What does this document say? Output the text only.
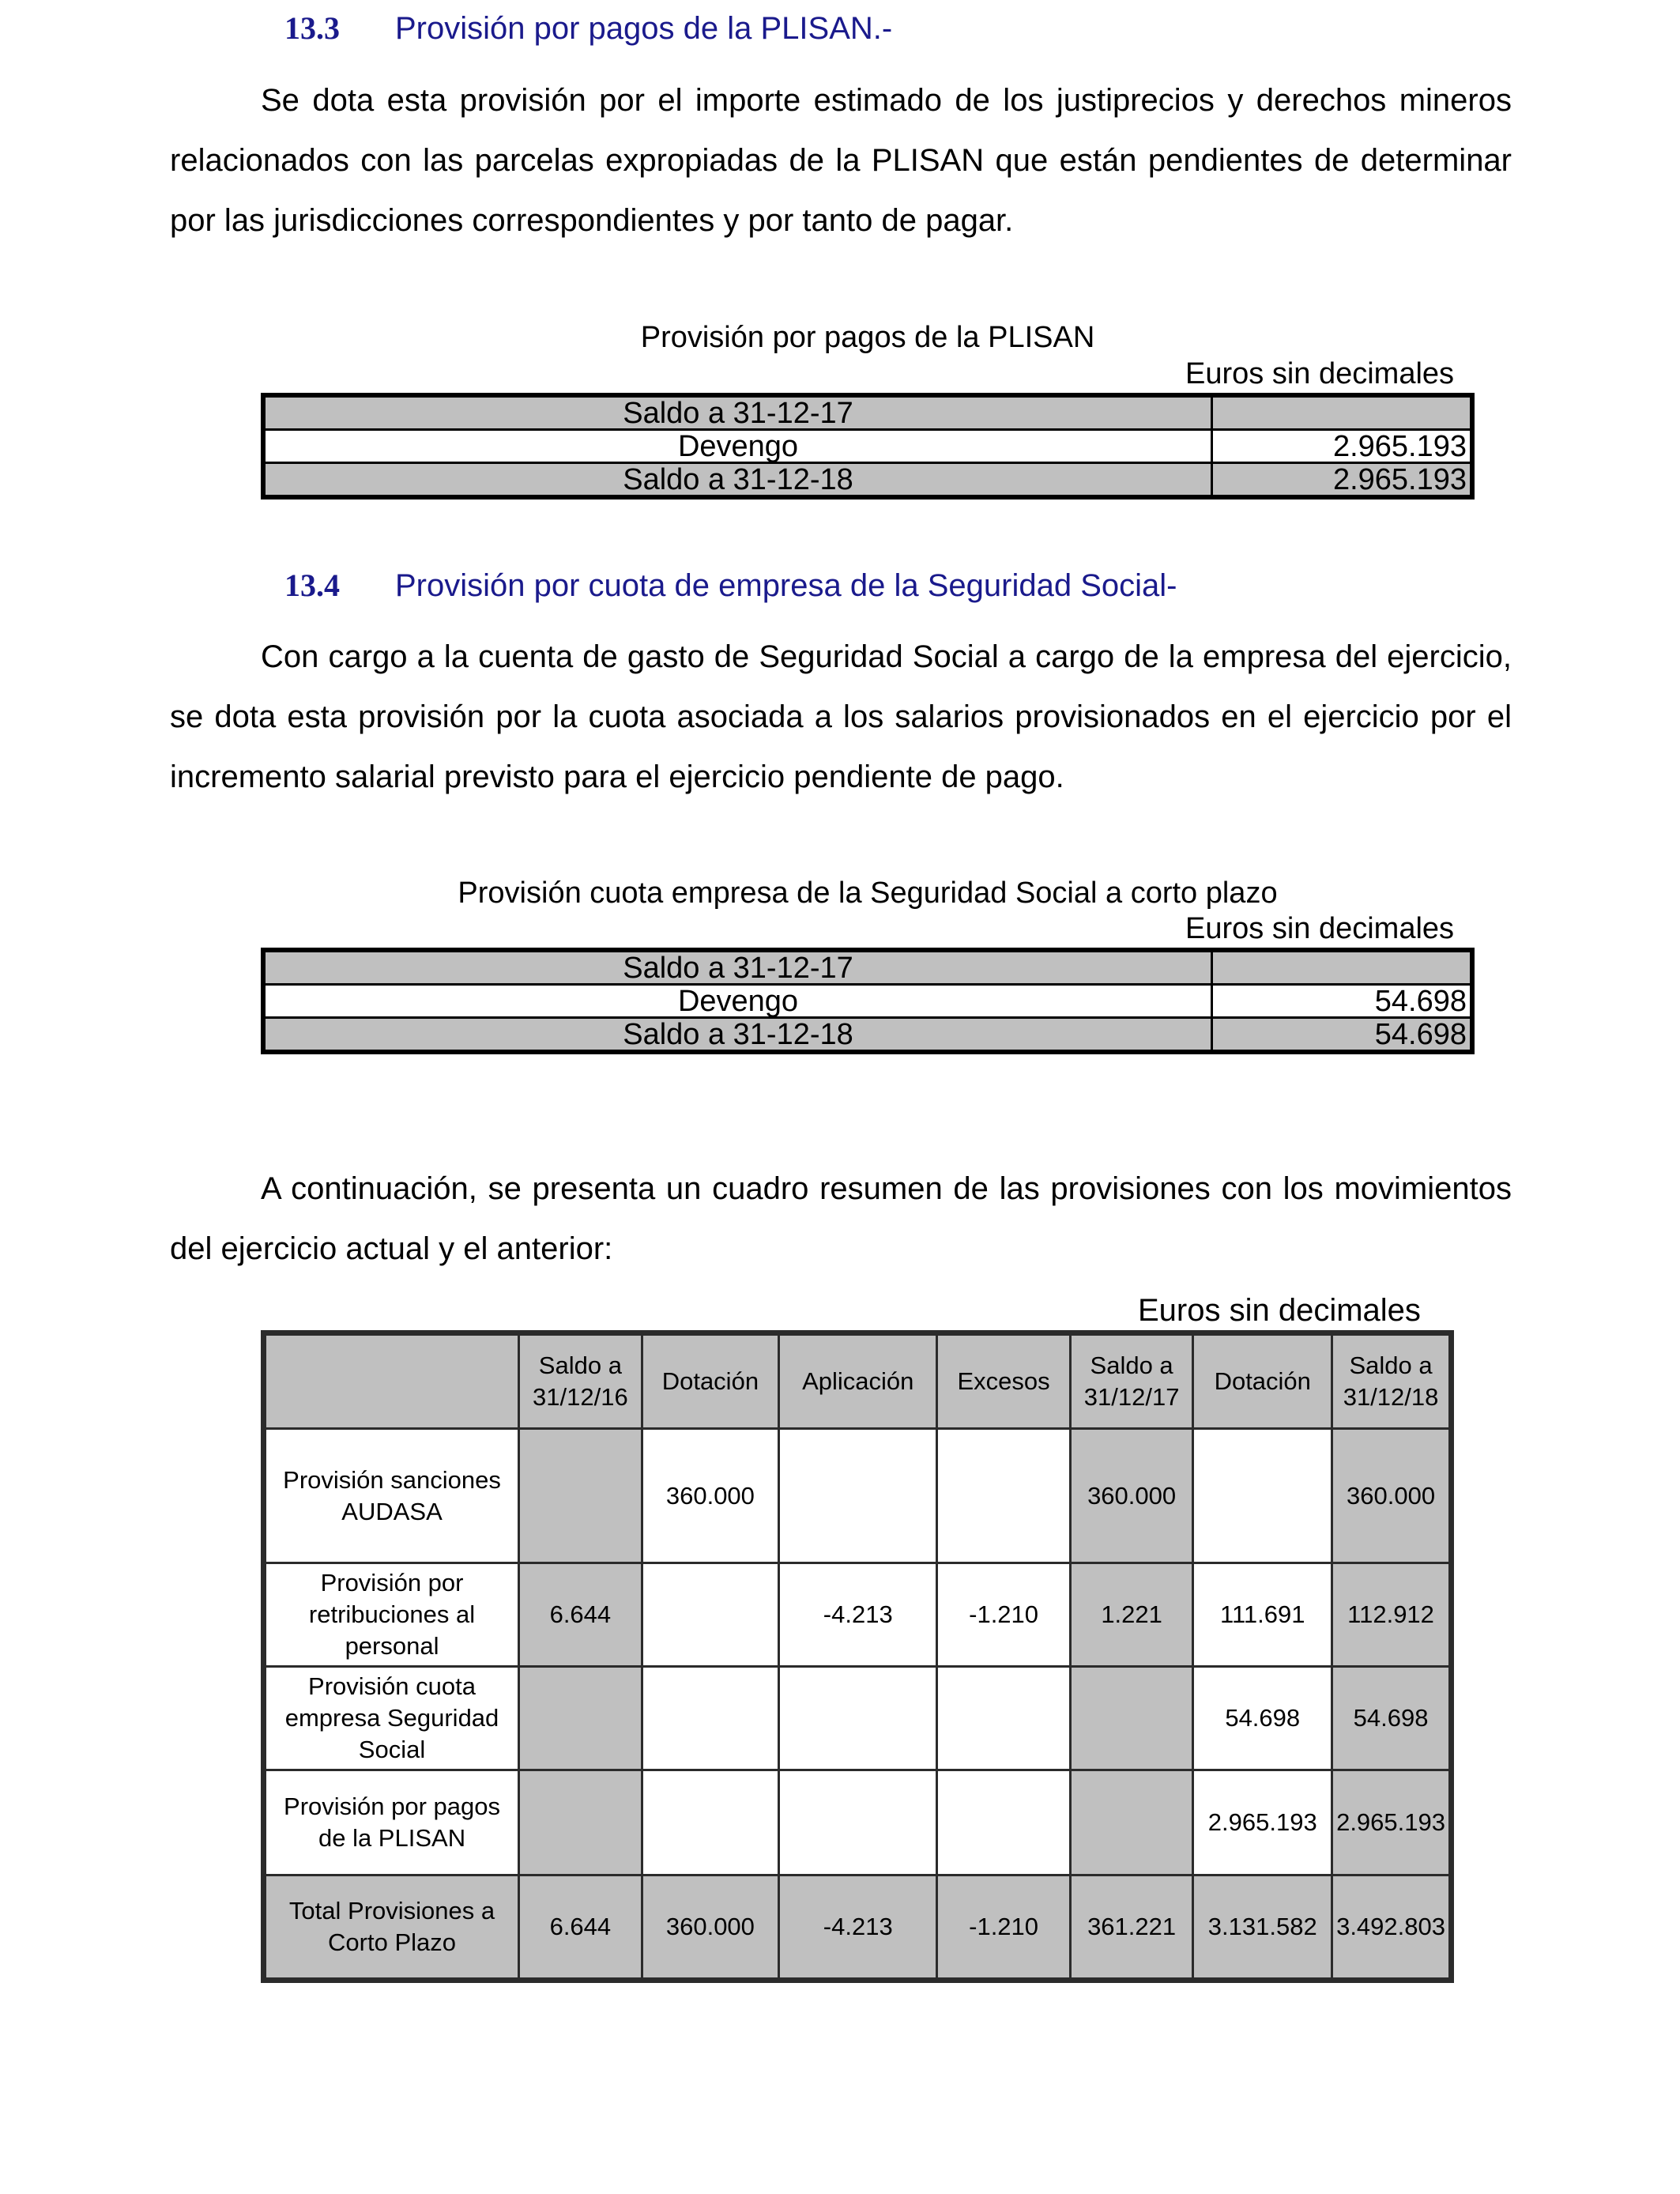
13.3 Provisión por pagos de la PLISAN.-
Se dota esta provisión por el importe estimado de los justiprecios y derechos mineros relacionados con las parcelas expropiadas de la PLISAN que están pendientes de determinar por las jurisdicciones correspondientes y por tanto de pagar.
Provisión por pagos de la PLISAN
Euros sin decimales
Saldo a 31-12-17	
Devengo	2.965.193
Saldo a 31-12-18	2.965.193
13.4 Provisión por cuota de empresa de la Seguridad Social-
Con cargo a la cuenta de gasto de Seguridad Social a cargo de la empresa del ejercicio, se dota esta provisión por la cuota asociada a los salarios provisionados en el ejercicio por el incremento salarial previsto para el ejercicio pendiente de pago.
Provisión cuota empresa de la Seguridad Social a corto plazo
Euros sin decimales
Saldo a 31-12-17	
Devengo	54.698
Saldo a 31-12-18	54.698
A continuación, se presenta un cuadro resumen de las provisiones con los movimientos del ejercicio actual y el anterior:
Euros sin decimales
	Saldo a 31/12/16	Dotación	Aplicación	Excesos	Saldo a 31/12/17	Dotación	Saldo a 31/12/18
Provisión sanciones AUDASA		360.000			360.000		360.000
Provisión por retribuciones al personal	6.644		-4.213	-1.210	1.221	111.691	112.912
Provisión cuota empresa Seguridad Social						54.698	54.698
Provisión por pagos de la PLISAN						2.965.193	2.965.193
Total Provisiones a Corto Plazo	6.644	360.000	-4.213	-1.210	361.221	3.131.582	3.492.803
